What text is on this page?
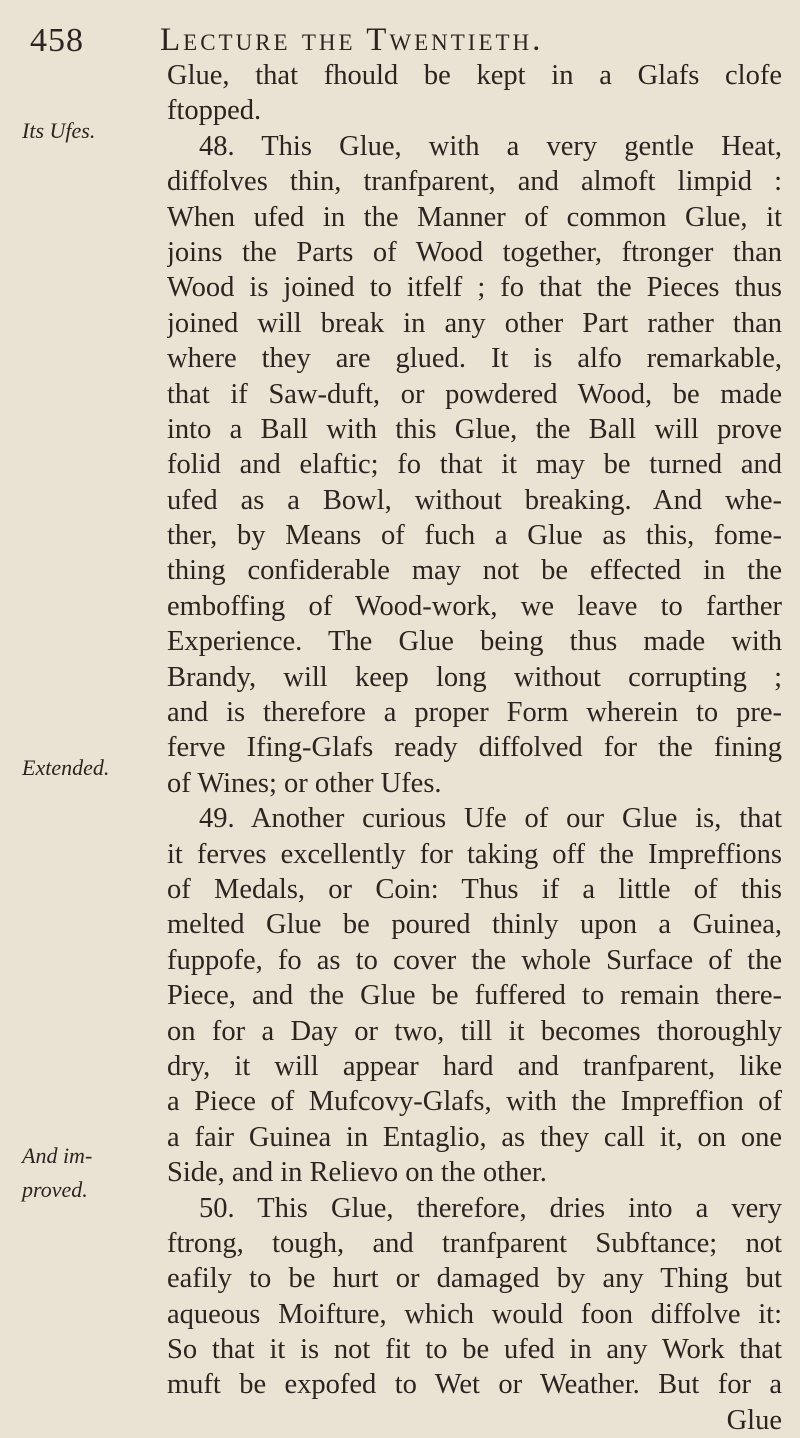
458 Lecture the Twentieth.
Its Ufes.
Extended.
And im-
proved.
Glue, that fhould be kept in a Glafs clofe
ftopped.
48. This Glue, with a very gentle Heat,
diffolves thin, tranfparent, and almoft limpid :
When ufed in the Manner of common Glue, it
joins the Parts of Wood together, ftronger than
Wood is joined to itfelf ; fo that the Pieces thus
joined will break in any other Part rather than
where they are glued. It is alfo remarkable,
that if Saw-duft, or powdered Wood, be made
into a Ball with this Glue, the Ball will prove
folid and elaftic; fo that it may be turned and
ufed as a Bowl, without breaking. And whe-
ther, by Means of fuch a Glue as this, fome-
thing confiderable may not be effected in the
emboffing of Wood-work, we leave to farther
Experience. The Glue being thus made with
Brandy, will keep long without corrupting ;
and is therefore a proper Form wherein to pre-
ferve Ifing-Glafs ready diffolved for the fining
of Wines; or other Ufes.
49. Another curious Ufe of our Glue is, that
it ferves excellently for taking off the Impreffions
of Medals, or Coin: Thus if a little of this
melted Glue be poured thinly upon a Guinea,
fuppofe, fo as to cover the whole Surface of the
Piece, and the Glue be fuffered to remain there-
on for a Day or two, till it becomes thoroughly
dry, it will appear hard and tranfparent, like
a Piece of Mufcovy-Glafs, with the Impreffion of
a fair Guinea in Entaglio, as they call it, on one
Side, and in Relievo on the other.
50. This Glue, therefore, dries into a very
ftrong, tough, and tranfparent Subftance; not
eafily to be hurt or damaged by any Thing but
aqueous Moifture, which would foon diffolve it:
So that it is not fit to be ufed in any Work that
muft be expofed to Wet or Weather. But for a
Glue
